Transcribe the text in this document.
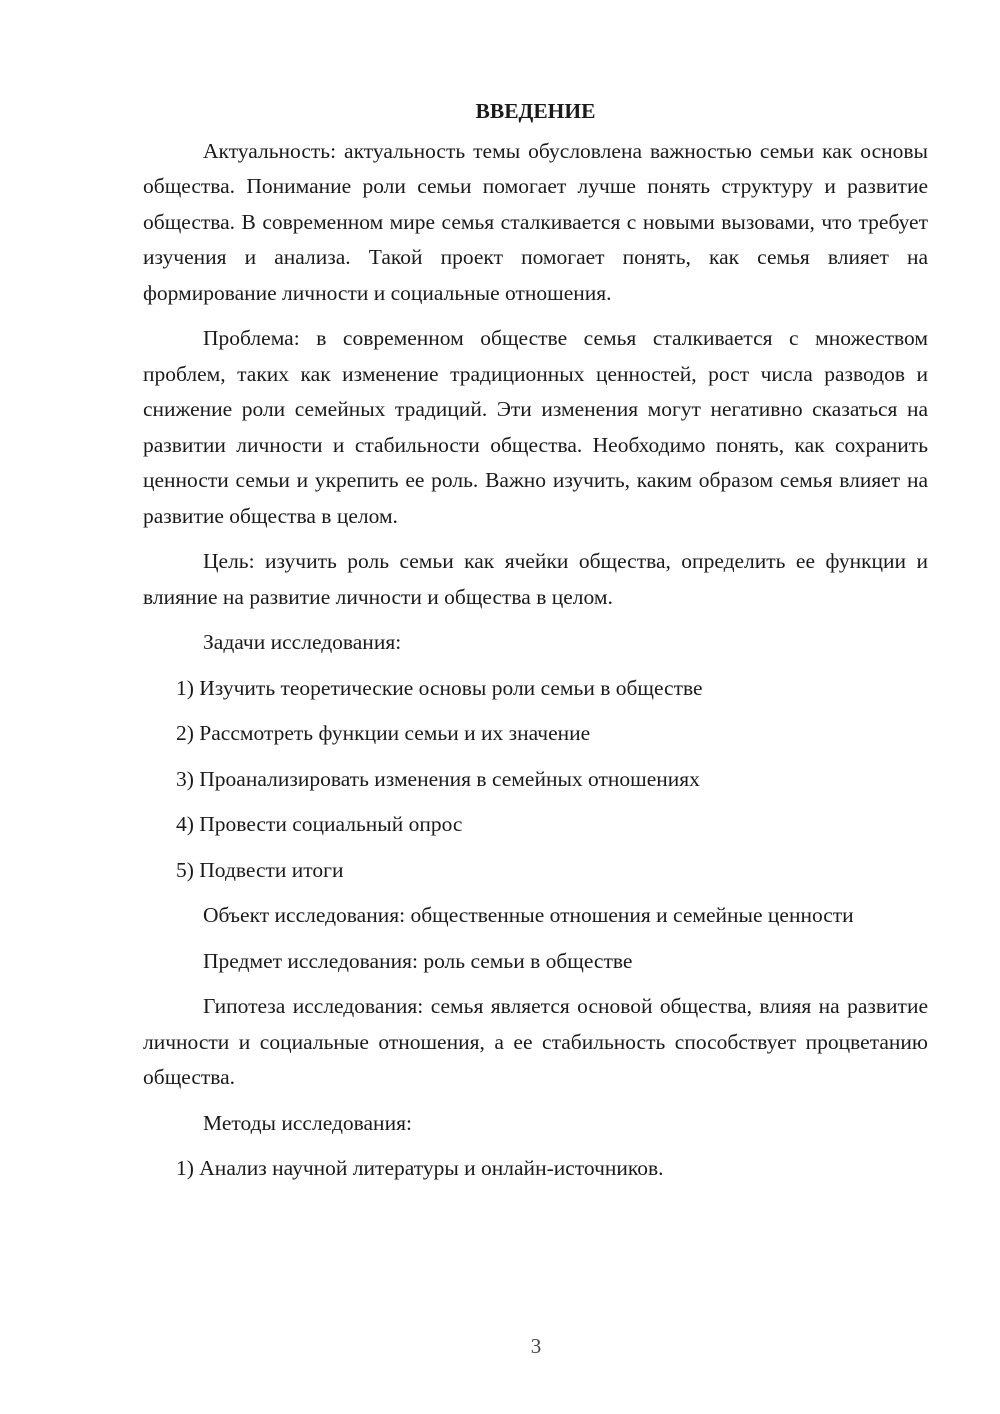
ВВЕДЕНИЕ

Актуальность: актуальность темы обусловлена важностью семьи как основы общества. Понимание роли семьи помогает лучше понять структуру и развитие общества. В современном мире семья сталкивается с новыми вызовами, что требует изучения и анализа. Такой проект помогает понять, как семья влияет на формирование личности и социальные отношения.

Проблема: в современном обществе семья сталкивается с множеством проблем, таких как изменение традиционных ценностей, рост числа разводов и снижение роли семейных традиций. Эти изменения могут негативно сказаться на развитии личности и стабильности общества. Необходимо понять, как сохранить ценности семьи и укрепить ее роль. Важно изучить, каким образом семья влияет на развитие общества в целом.

Цель: изучить роль семьи как ячейки общества, определить ее функции и влияние на развитие личности и общества в целом.

Задачи исследования:

1) Изучить теоретические основы роли семьи в обществе
2) Рассмотреть функции семьи и их значение
3) Проанализировать изменения в семейных отношениях
4) Провести социальный опрос
5) Подвести итоги

Объект исследования: общественные отношения и семейные ценности

Предмет исследования: роль семьи в обществе

Гипотеза исследования: семья является основой общества, влияя на развитие личности и социальные отношения, а ее стабильность способствует процветанию общества.

Методы исследования:

1) Анализ научной литературы и онлайн-источников.
3
